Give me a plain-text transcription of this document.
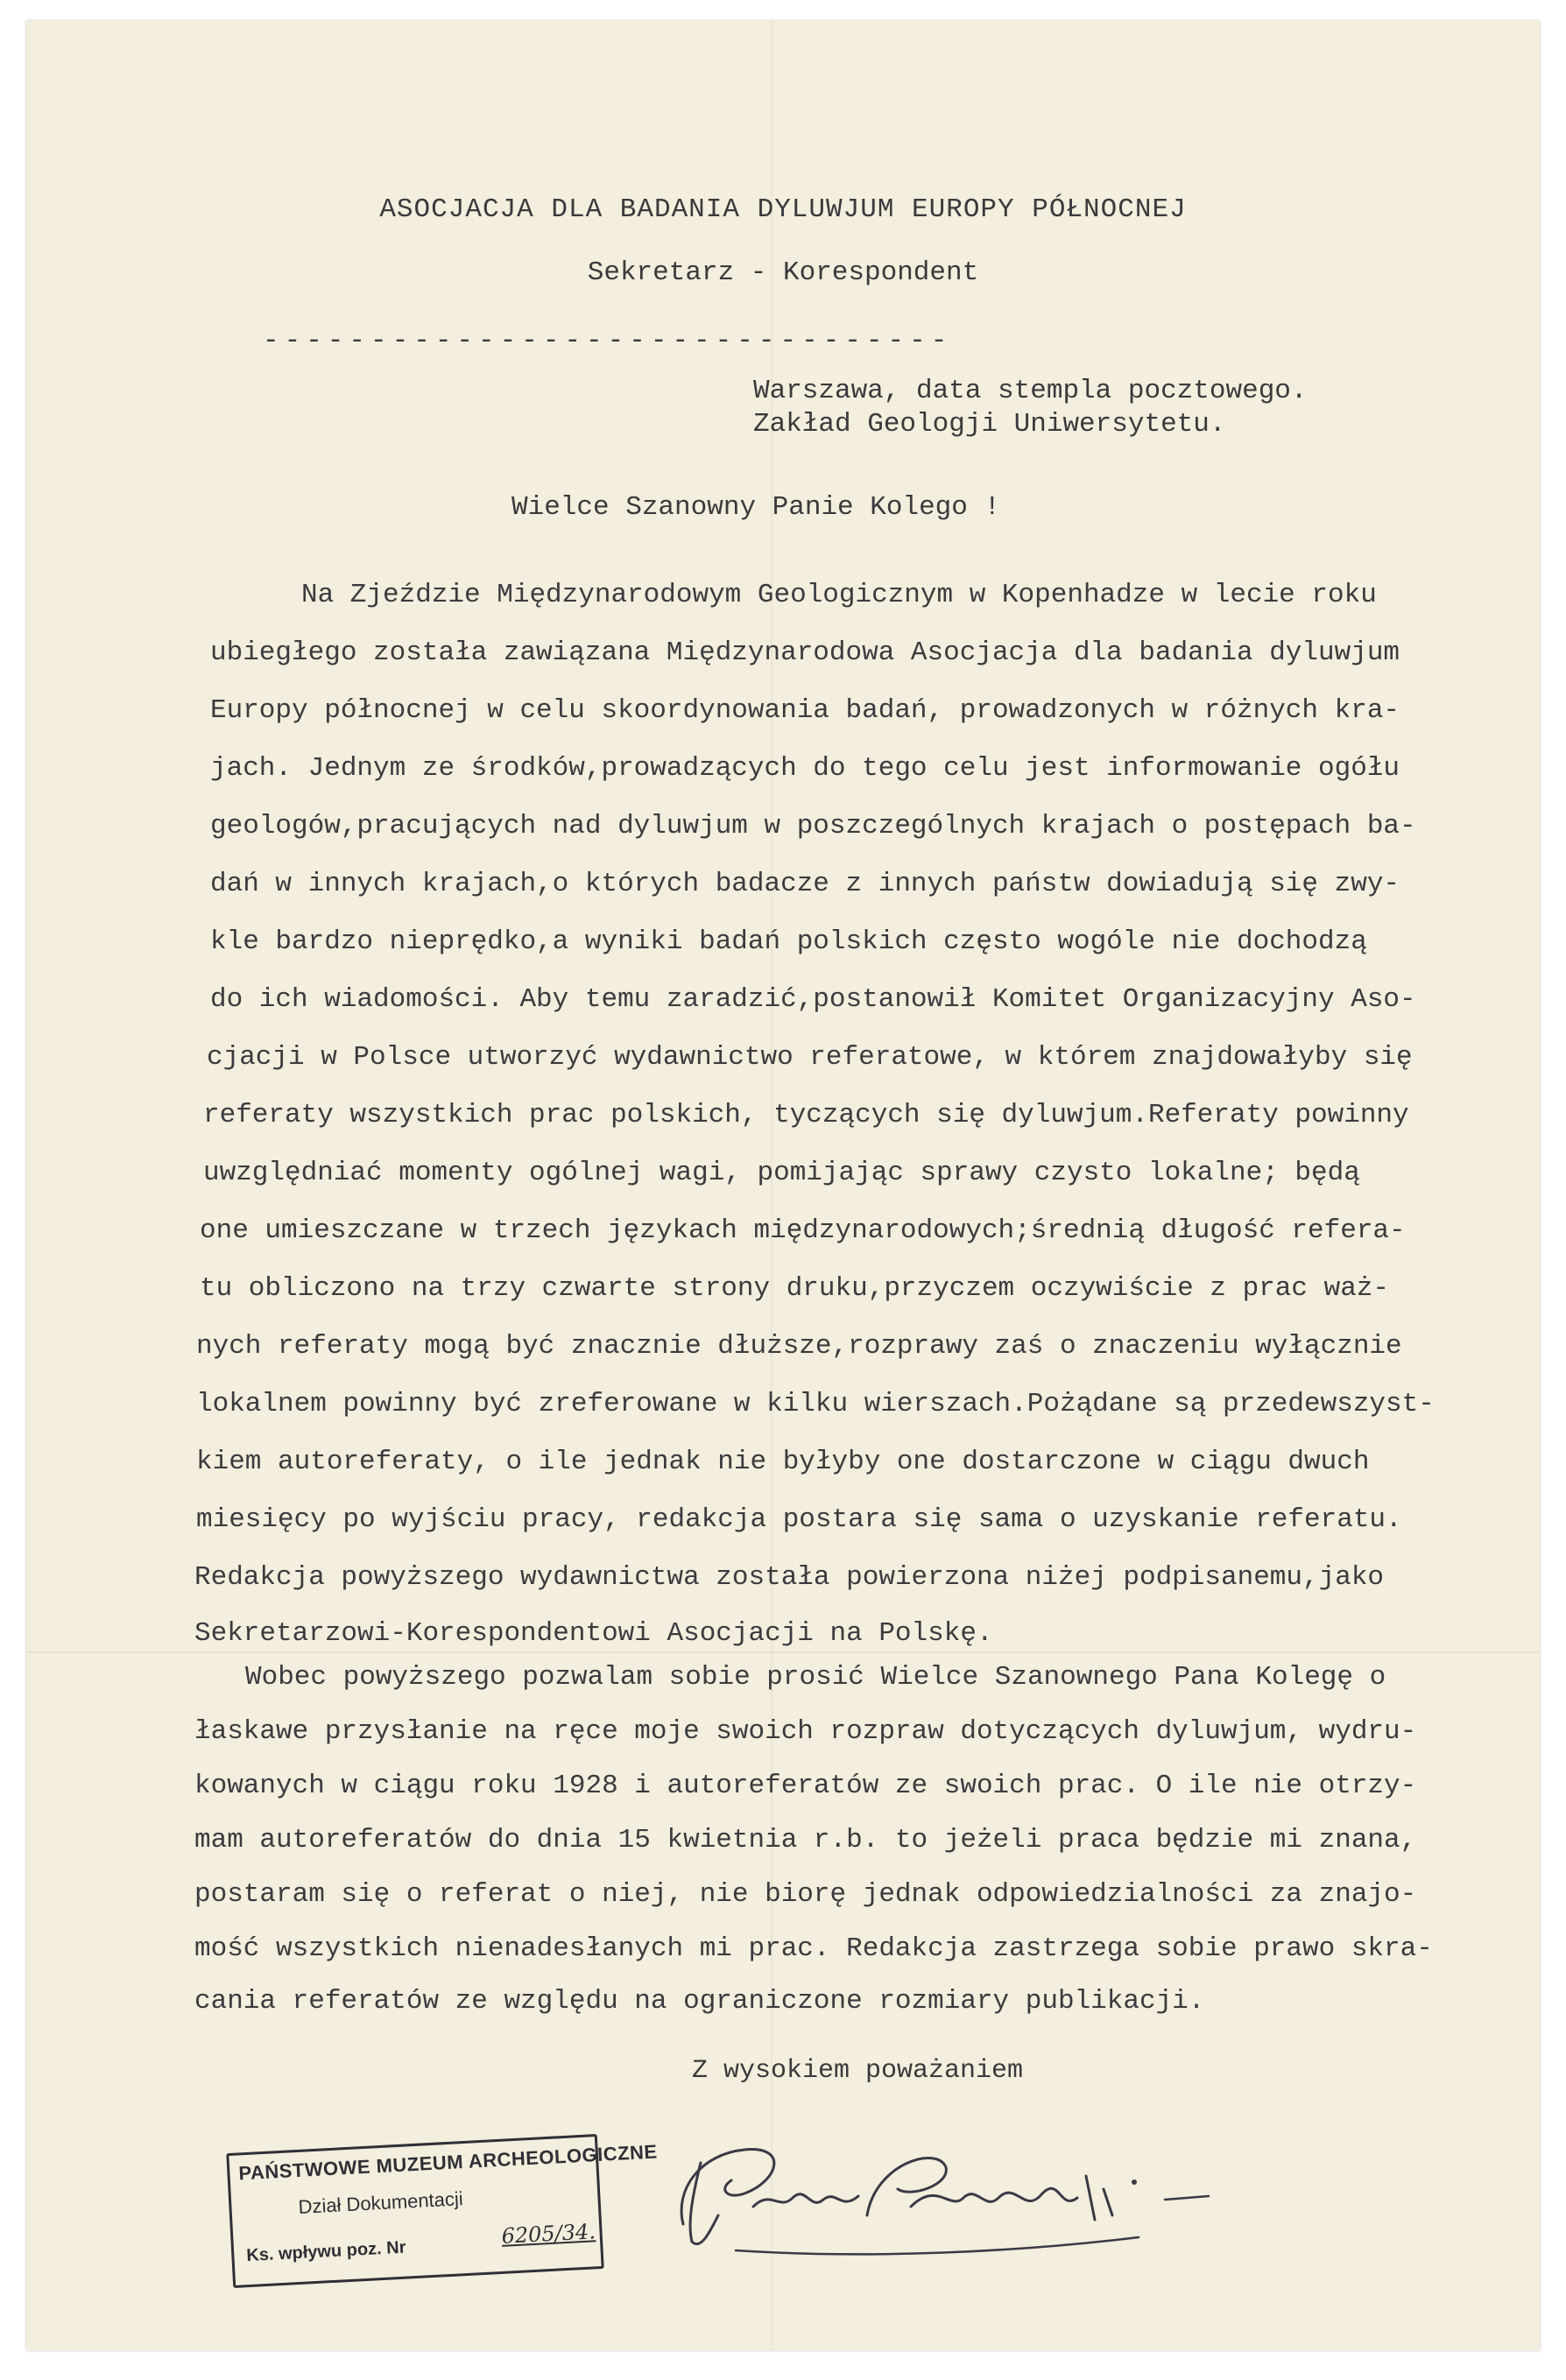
ASOCJACJA DLA BADANIA DYLUWJUM EUROPY PÓŁNOCNEJ
Sekretarz - Korespondent
--------------------------------
Warszawa, data stempla pocztowego.
Zakład Geologji Uniwersytetu.
Wielce Szanowny Panie Kolego !
Na Zjeździe Międzynarodowym Geologicznym w Kopenhadze w lecie roku
ubiegłego została zawiązana Międzynarodowa Asocjacja dla badania dyluwjum
Europy północnej w celu skoordynowania badań, prowadzonych w różnych kra-
jach. Jednym ze środków,prowadzących do tego celu jest informowanie ogółu
geologów,pracujących nad dyluwjum w poszczególnych krajach o postępach ba-
dań w innych krajach,o których badacze z innych państw dowiadują się zwy-
kle bardzo nieprędko,a wyniki badań polskich często wogóle nie dochodzą
do ich wiadomości. Aby temu zaradzić,postanowił Komitet Organizacyjny Aso-
cjacji w Polsce utworzyć wydawnictwo referatowe, w którem znajdowałyby się
referaty wszystkich prac polskich, tyczących się dyluwjum.Referaty powinny
uwzględniać momenty ogólnej wagi, pomijając sprawy czysto lokalne; będą
one umieszczane w trzech językach międzynarodowych;średnią długość refera-
tu obliczono na trzy czwarte strony druku,przyczem oczywiście z prac waż-
nych referaty mogą być znacznie dłuższe,rozprawy zaś o znaczeniu wyłącznie
lokalnem powinny być zreferowane w kilku wierszach.Pożądane są przedewszyst-
kiem autoreferaty, o ile jednak nie byłyby one dostarczone w ciągu dwuch
miesięcy po wyjściu pracy, redakcja postara się sama o uzyskanie referatu.
Redakcja powyższego wydawnictwa została powierzona niżej podpisanemu,jako
Sekretarzowi-Korespondentowi Asocjacji na Polskę.
Wobec powyższego pozwalam sobie prosić Wielce Szanownego Pana Kolegę o
łaskawe przysłanie na ręce moje swoich rozpraw dotyczących dyluwjum, wydru-
kowanych w ciągu roku 1928 i autoreferatów ze swoich prac. O ile nie otrzy-
mam autoreferatów do dnia 15 kwietnia r.b. to jeżeli praca będzie mi znana,
postaram się o referat o niej, nie biorę jednak odpowiedzialności za znajo-
mość wszystkich nienadesłanych mi prac. Redakcja zastrzega sobie prawo skra-
cania referatów ze względu na ograniczone rozmiary publikacji.
Z wysokiem poważaniem
PAŃSTWOWE MUZEUM ARCHEOLOGICZNE
Dział Dokumentacji
Ks. wpływu poz. Nr
6205/34.
